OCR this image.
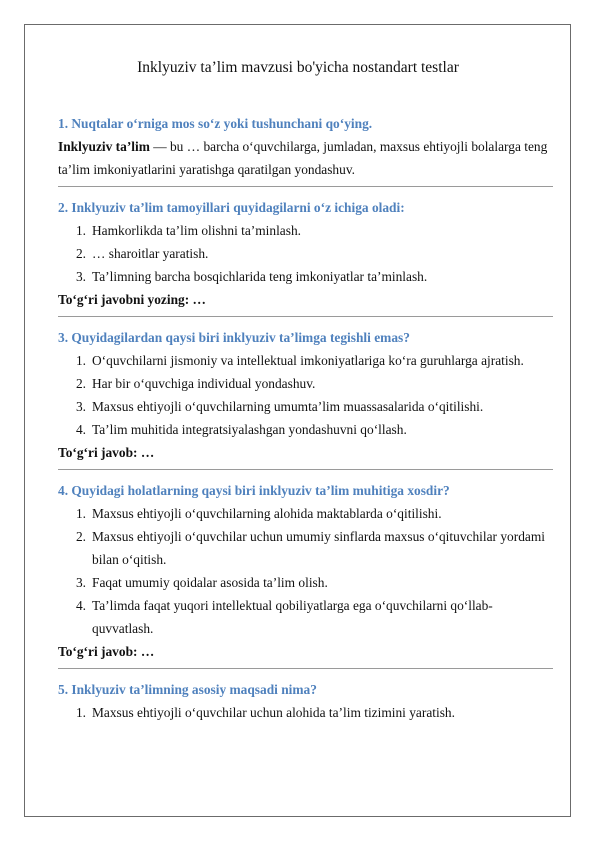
Inklyuziv ta’lim mavzusi bo'yicha nostandart testlar

1. Nuqtalar oʻrniga mos soʻz yoki tushunchani qoʻying.

Inklyuziv ta’lim — bu … barcha oʻquvchilarga, jumladan, maxsus ehtiyojli bolalarga teng ta’lim imkoniyatlarini yaratishga qaratilgan yondashuv.

2. Inklyuziv ta’lim tamoyillari quyidagilarni oʻz ichiga oladi:

1. Hamkorlikda ta’lim olishni ta’minlash.
2. … sharoitlar yaratish.
3. Ta’limning barcha bosqichlarida teng imkoniyatlar ta’minlash.

Toʻgʻri javobni yozing: …

3. Quyidagilardan qaysi biri inklyuziv ta’limga tegishli emas?

1. Oʻquvchilarni jismoniy va intellektual imkoniyatlariga koʻra guruhlarga ajratish.
2. Har bir oʻquvchiga individual yondashuv.
3. Maxsus ehtiyojli oʻquvchilarning umumta’lim muassasalarida oʻqitilishi.
4. Ta’lim muhitida integratsiyalashgan yondashuvni qoʻllash.

Toʻgʻri javob: …

4. Quyidagi holatlarning qaysi biri inklyuziv ta’lim muhitiga xosdir?

1. Maxsus ehtiyojli oʻquvchilarning alohida maktablarda oʻqitilishi.
2. Maxsus ehtiyojli oʻquvchilar uchun umumiy sinflarda maxsus oʻqituvchilar yordami bilan oʻqitish.
3. Faqat umumiy qoidalar asosida ta’lim olish.
4. Ta’limda faqat yuqori intellektual qobiliyatlarga ega oʻquvchilarni qoʻllab-quvvatlash.

Toʻgʻri javob: …

5. Inklyuziv ta’limning asosiy maqsadi nima?

1. Maxsus ehtiyojli oʻquvchilar uchun alohida ta’lim tizimini yaratish.
